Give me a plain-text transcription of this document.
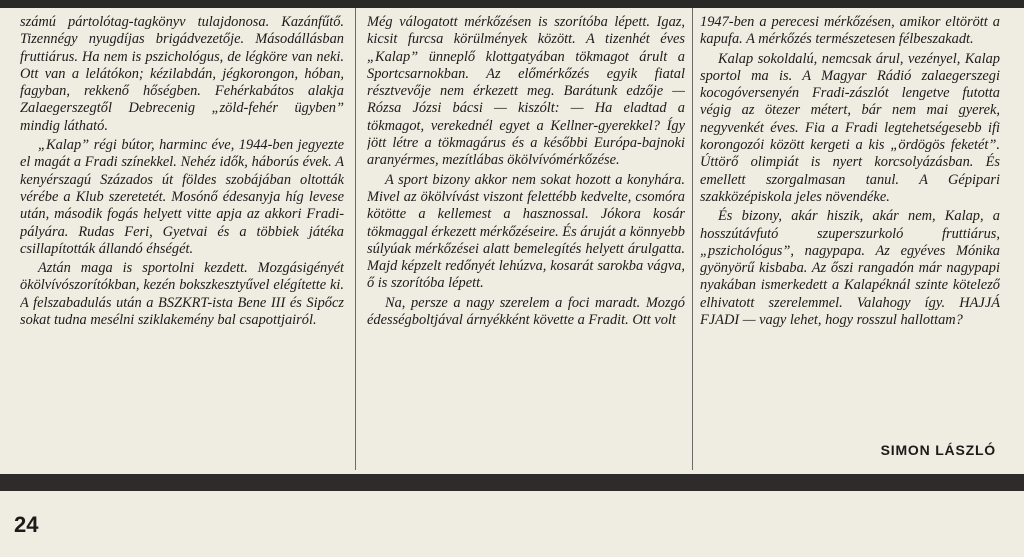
számú pártolótag-tagkönyv tulajdonosa. Kazánfűtő. Tizennégy nyugdíjas brigádvezetője. Másodállásban fruttiárus. Ha nem is pszichológus, de légköre van neki. Ott van a lelátókon; kézilabdán, jégkorongon, hóban, fagyban, rekkenő hőségben. Fehérkabátos alakja Zalaegerszegtől Debrecenig „zöld-fehér ügyben” mindig látható.

„Kalap” régi bútor, harminc éve, 1944-ben jegyezte el magát a Fradi színekkel. Nehéz idők, háborús évek. A kenyérszagú Százados út földes szobájában oltották vérébe a Klub szeretetét. Mosónő édesanyja híg levese után, második fogás helyett vitte apja az akkori Fradi-pályára. Rudas Feri, Gyetvai és a többiek játéka csillapították állandó éhségét.

Aztán maga is sportolni kezdett. Mozgásigényét ökölvívószorítókban, kezén bokszkesztyűvel elégítette ki. A felszabadulás után a BSZKRT-ista Bene III és Sipőcz sokat tudna mesélni sziklakemény bal csapottjairól.

Még válogatott mérkőzésen is szorítóba lépett. Igaz, kicsit furcsa körülmények között. A tizenhét éves „Kalap” ünneplő klottgatyában tökmagot árult a Sportcsarnokban. Az előmérkőzés egyik fiatal résztvevője nem érkezett meg. Barátunk edzője — Rózsa Józsi bácsi — kiszólt: — Ha eladtad a tökmagot, verekednél egyet a Kellner-gyerekkel? Így jött létre a tökmagárus és a későbbi Európa-bajnoki aranyérmes, mezítlábas ökölvívómérkőzése.

A sport bizony akkor nem sokat hozott a konyhára. Mivel az ökölvívást viszont felettébb kedvelte, csomóra kötötte a kellemest a hasznossal. Jókora kosár tökmaggal érkezett mérkőzéseire. És áruját a könnyebb súlyúak mérkőzései alatt bemelegítés helyett árulgatta. Majd képzelt redőnyét lehúzva, kosarát sarokba vágva, ő is szorítóba lépett.

Na, persze a nagy szerelem a foci maradt. Mozgó édességboltjával árnyékként követte a Fradit. Ott volt

1947-ben a perecesi mérkőzésen, amikor eltörött a kapufa. A mérkőzés természetesen félbeszakadt.

Kalap sokoldalú, nemcsak árul, vezényel, Kalap sportol ma is. A Magyar Rádió zalaegerszegi kocogóversenyén Fradi-zászlót lengetve futotta végig az ötezer métert, bár nem mai gyerek, negyvenkét éves. Fia a Fradi legtehetségesebb ifi korongozói között kergeti a kis „ördögös feketét”. Úttörő olimpiát is nyert korcsolyázásban. És emellett szorgalmasan tanul. A Gépipari szakközépiskola jeles növendéke.

És bizony, akár hiszik, akár nem, Kalap, a hosszútávfutó szuperszurkoló fruttiárus, „pszichológus”, nagypapa. Az egyéves Mónika gyönyörű kisbaba. Az őszi rangadón már nagypapi nyakában ismerkedett a Kalapéknál szinte kötelező elhivatott szerelemmel. Valahogy így. HAJJÁ FJADI — vagy lehet, hogy rosszul hallottam?

SIMON LÁSZLÓ
24
